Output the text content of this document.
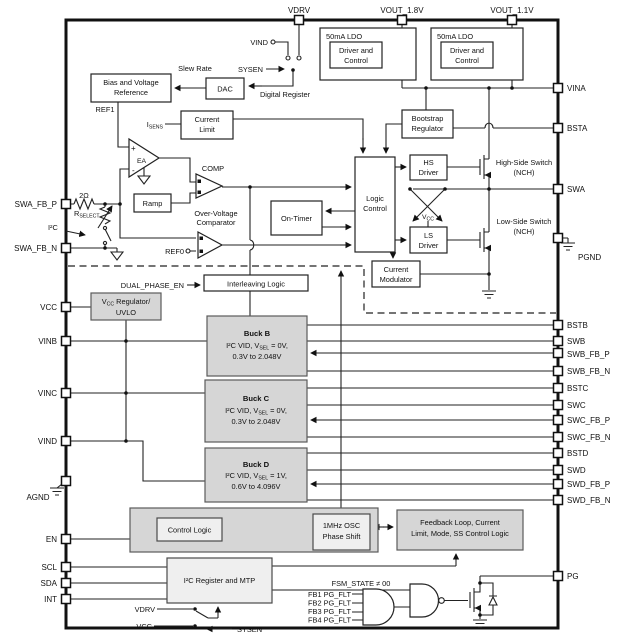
Bias and Voltage
Reference	DAC
Current
Limit
EA
+
-
Ramp
COMP
Over-Voltage
Comparator	On-Timer
Logic
Control
Bootstrap
Regulator
HS
Driver
LS
Driver
Current
Modulator
Interleaving Logic
$V_{CC}$ Regulator/
UVLO
50mA LDO
Driver and
Control
50mA LDO
Driver and
Control
Buck B
I²C VID, $V_{SEL} = 0V$,
0.3V to 2.048V
Buck C
I²C VID, $V_{SEL} = 0V$,
0.3V to 2.048V
Buck D
I²C VID, $V_{SEL} = 1V$,
0.6V to 4.096V
Control Logic	1MHz OSC
Phase Shift
Feedback Loop, Current
Limit, Mode, SS Control Logic
I²C Register and MTP
Slew Rate
Digital Register
VIND
SYSEN
REF1
REF0
$I_{SENS}$
2Ω
$R_{SELECT}$
I²C
DUAL_PHASE_EN
High-Side Switch
(NCH)
Low-Side Switch
(NCH)
$V_{CC}$
FSM_STATE ≠ 00
FB1 PG_FLT
FB2 PG_FLT
FB3 PG_FLT
FB4 PG_FLT
VDRV
VCC	SYSEN
VDRV	VOUT_1.8V	VOUT_1.1V
SWA_FB_P
SWA_FB_N
VCC
VINB
VINC
VIND
AGND
EN
SCL
SDA
INT
VINA
BSTA
SWA
PGND
BSTB
SWB
SWB_FB_P
SWB_FB_N
BSTC
SWC
SWC_FB_P
SWC_FB_N
BSTD
SWD
SWD_FB_P
SWD_FB_N
PG
